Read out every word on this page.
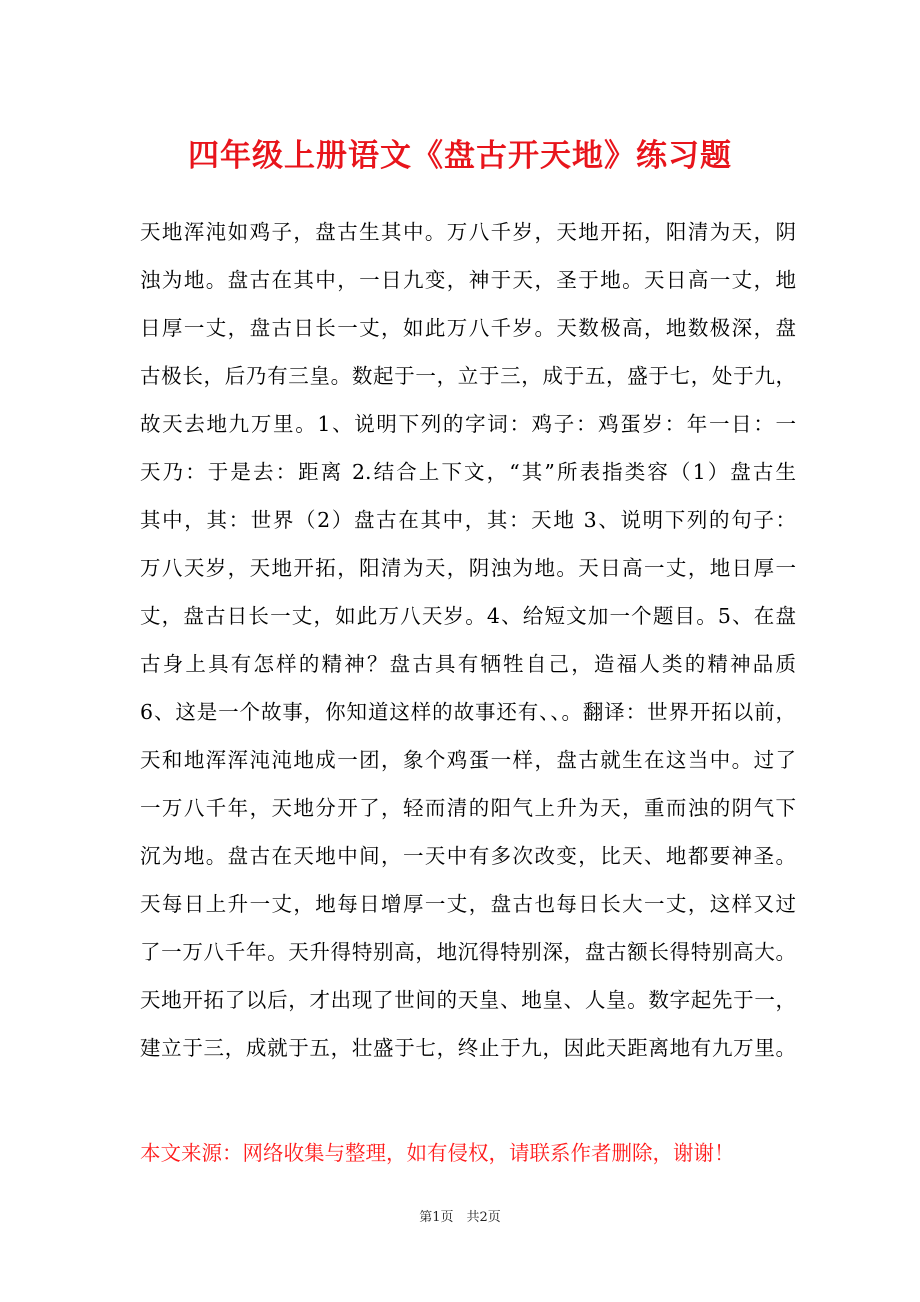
四年级上册语文《盘古开天地》练习题
天地浑沌如鸡子，盘古生其中。万八千岁，天地开拓，阳清为天，阴
浊为地。盘古在其中，一日九变，神于天，圣于地。天日高一丈，地
日厚一丈，盘古日长一丈，如此万八千岁。天数极高，地数极深，盘
古极长，后乃有三皇。数起于一，立于三，成于五，盛于七，处于九，
故天去地九万里。1、说明下列的字词：鸡子：鸡蛋岁：年一日：一
天乃：于是去：距离 2.结合上下文，“其”所表指类容（1）盘古生
其中，其：世界（2）盘古在其中，其：天地 3、说明下列的句子：
万八天岁，天地开拓，阳清为天，阴浊为地。天日高一丈，地日厚一
丈，盘古日长一丈，如此万八天岁。4、给短文加一个题目。5、在盘
古身上具有怎样的精神？盘古具有牺牲自己，造福人类的精神品质
6、这是一个故事，你知道这样的故事还有、、。翻译：世界开拓以前，
天和地浑浑沌沌地成一团，象个鸡蛋一样，盘古就生在这当中。过了
一万八千年，天地分开了，轻而清的阳气上升为天，重而浊的阴气下
沉为地。盘古在天地中间，一天中有多次改变，比天、地都要神圣。
天每日上升一丈，地每日增厚一丈，盘古也每日长大一丈，这样又过
了一万八千年。天升得特别高，地沉得特别深，盘古额长得特别高大。
天地开拓了以后，才出现了世间的天皇、地皇、人皇。数字起先于一，
建立于三，成就于五，壮盛于七，终止于九，因此天距离地有九万里。
本文来源：网络收集与整理，如有侵权，请联系作者删除，谢谢！
第1页　共2页
